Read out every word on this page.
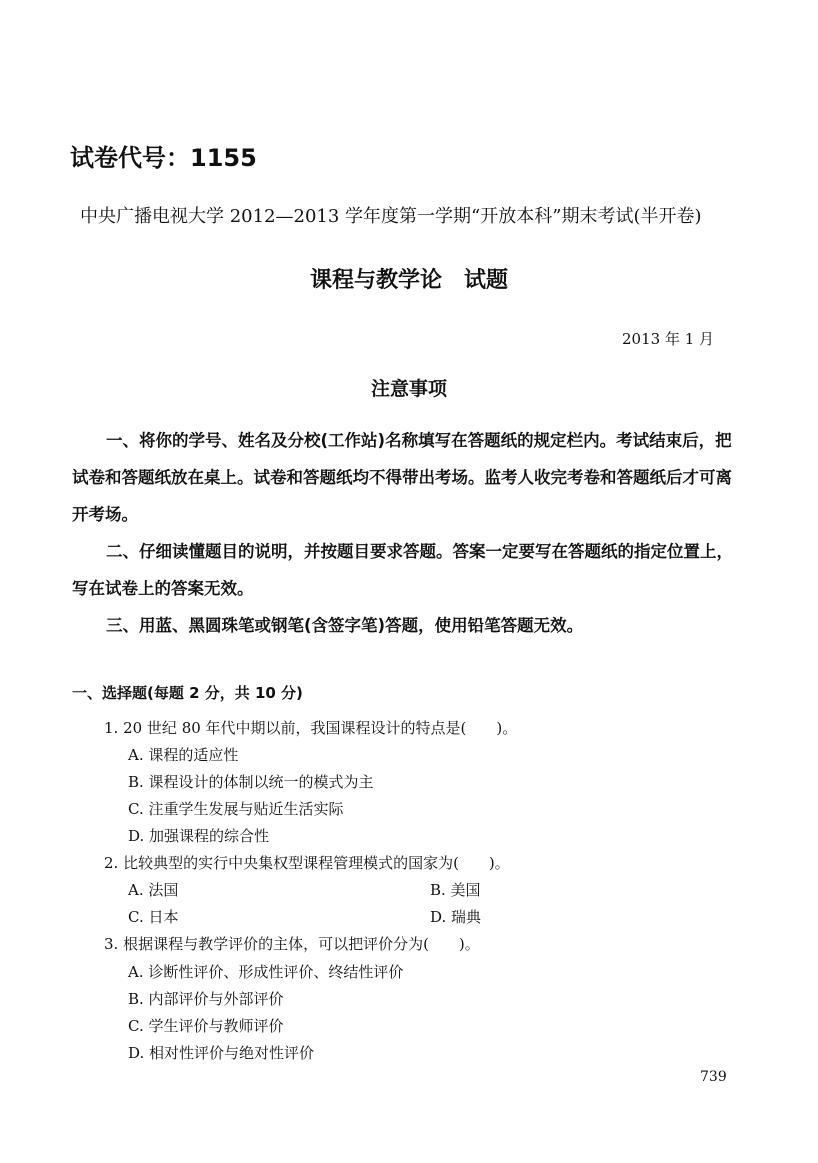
试卷代号：1155
中央广播电视大学 2012—2013 学年度第一学期“开放本科”期末考试(半开卷)
课程与教学论　试题
2013 年 1 月
注意事项
一、将你的学号、姓名及分校(工作站)名称填写在答题纸的规定栏内。考试结束后，把试卷和答题纸放在桌上。试卷和答题纸均不得带出考场。监考人收完考卷和答题纸后才可离开考场。
二、仔细读懂题目的说明，并按题目要求答题。答案一定要写在答题纸的指定位置上，写在试卷上的答案无效。
三、用蓝、黑圆珠笔或钢笔(含签字笔)答题，使用铅笔答题无效。
一、选择题(每题 2 分，共 10 分)
1. 20 世纪 80 年代中期以前，我国课程设计的特点是(　　)。
A. 课程的适应性
B. 课程设计的体制以统一的模式为主
C. 注重学生发展与贴近生活实际
D. 加强课程的综合性
2. 比较典型的实行中央集权型课程管理模式的国家为(　　)。
A. 法国	B. 美国
C. 日本	D. 瑞典
3. 根据课程与教学评价的主体，可以把评价分为(　　)。
A. 诊断性评价、形成性评价、终结性评价
B. 内部评价与外部评价
C. 学生评价与教师评价
D. 相对性评价与绝对性评价
739
